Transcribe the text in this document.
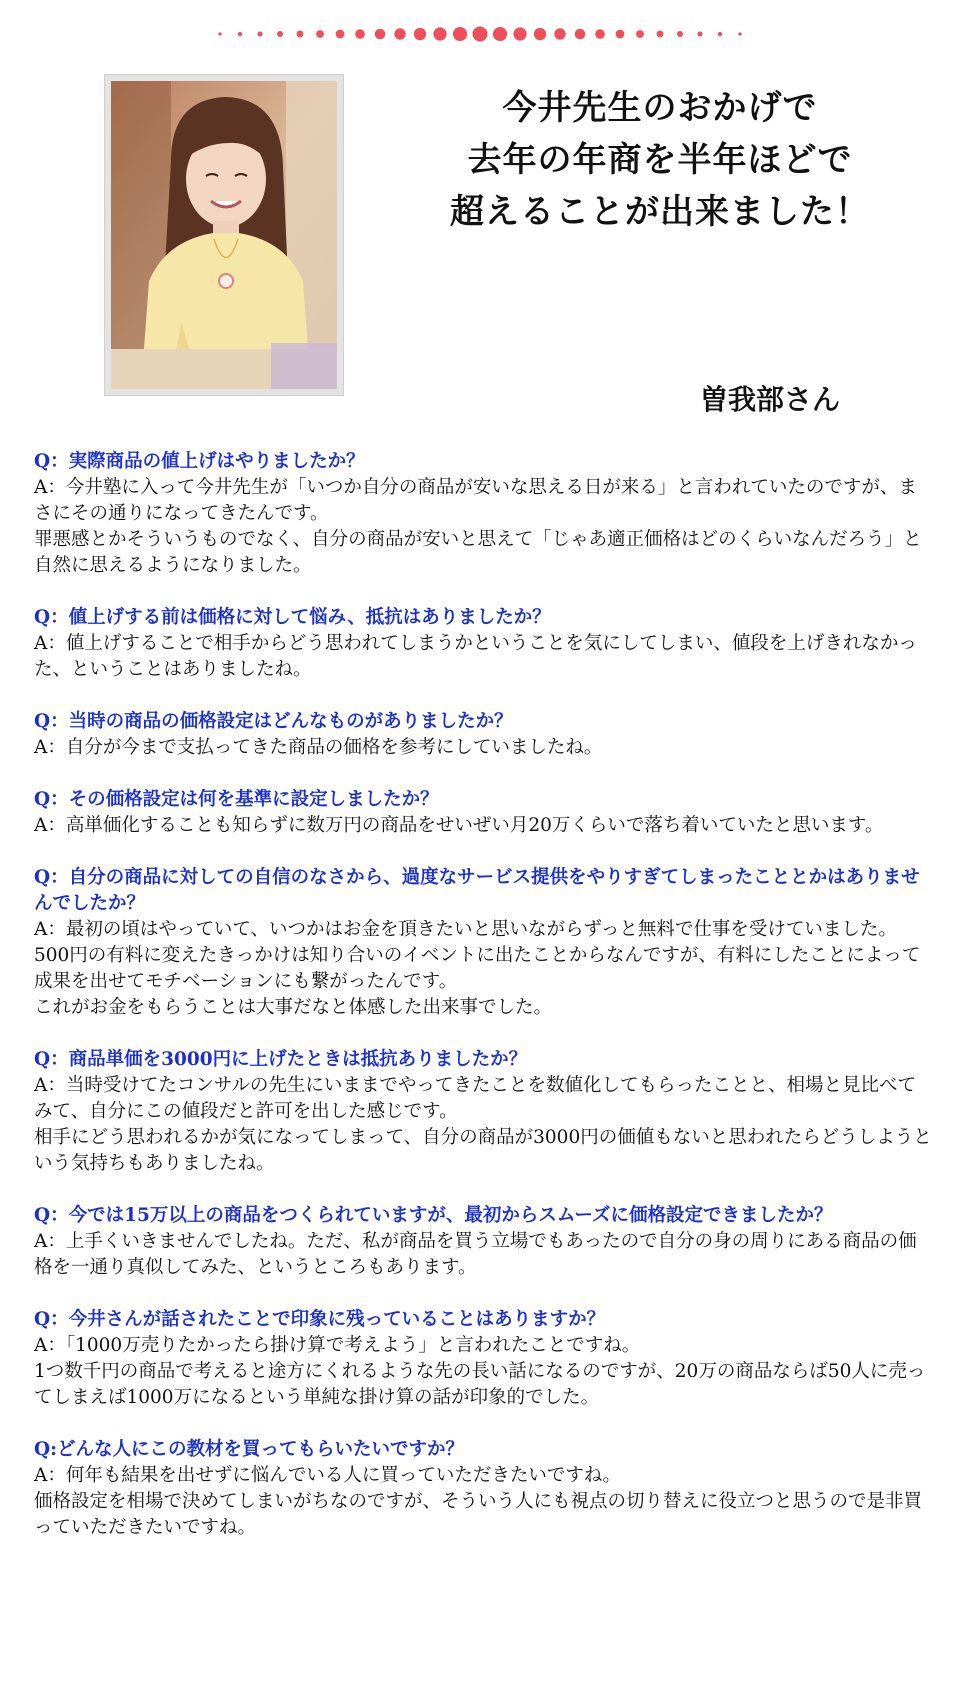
今井先生のおかげで
去年の年商を半年ほどで
超えることが出来ました！
曽我部さん
Q：実際商品の値上げはやりましたか？

A：今井塾に入って今井先生が「いつか自分の商品が安いな思える日が来る」と言われていたのですが、まさにその通りになってきたんです。

罪悪感とかそういうものでなく、自分の商品が安いと思えて「じゃあ適正価格はどのくらいなんだろう」と自然に思えるようになりました。

Q：値上げする前は価格に対して悩み、抵抗はありましたか？

A：値上げすることで相手からどう思われてしまうかということを気にしてしまい、値段を上げきれなかった、ということはありましたね。

Q：当時の商品の価格設定はどんなものがありましたか？

A：自分が今まで支払ってきた商品の価格を参考にしていましたね。

Q：その価格設定は何を基準に設定しましたか？

A：高単価化することも知らずに数万円の商品をせいぜい月20万くらいで落ち着いていたと思います。

Q：自分の商品に対しての自信のなさから、過度なサービス提供をやりすぎてしまったこととかはありませんでしたか？

A：最初の頃はやっていて、いつかはお金を頂きたいと思いながらずっと無料で仕事を受けていました。

500円の有料に変えたきっかけは知り合いのイベントに出たことからなんですが、有料にしたことによって成果を出せてモチベーションにも繋がったんです。

これがお金をもらうことは大事だなと体感した出来事でした。

Q：商品単価を3000円に上げたときは抵抗ありましたか？

A：当時受けてたコンサルの先生にいままでやってきたことを数値化してもらったことと、相場と見比べてみて、自分にこの値段だと許可を出した感じです。

相手にどう思われるかが気になってしまって、自分の商品が3000円の価値もないと思われたらどうしようという気持ちもありましたね。

Q：今では15万以上の商品をつくられていますが、最初からスムーズに価格設定できましたか？

A：上手くいきませんでしたね。ただ、私が商品を買う立場でもあったので自分の身の周りにある商品の価格を一通り真似してみた、というところもあります。

Q：今井さんが話されたことで印象に残っていることはありますか？

A：「1000万売りたかったら掛け算で考えよう」と言われたことですね。

1つ数千円の商品で考えると途方にくれるような先の長い話になるのですが、20万の商品ならば50人に売ってしまえば1000万になるという単純な掛け算の話が印象的でした。

Q:どんな人にこの教材を買ってもらいたいですか？

A：何年も結果を出せずに悩んでいる人に買っていただきたいですね。

価格設定を相場で決めてしまいがちなのですが、そういう人にも視点の切り替えに役立つと思うので是非買っていただきたいですね。
